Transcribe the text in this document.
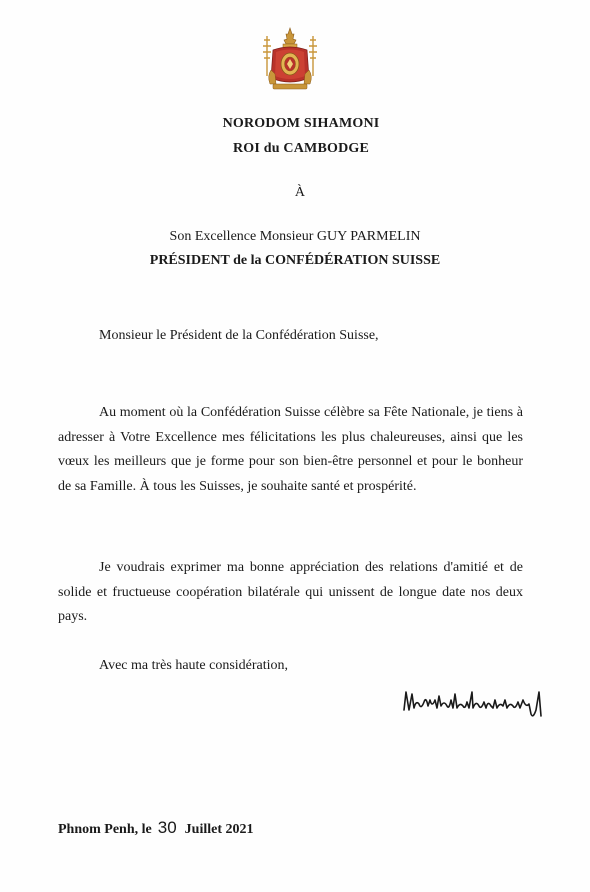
NORODOM SIHAMONI
ROI du CAMBODGE
À
Son Excellence Monsieur GUY PARMELIN
PRÉSIDENT de la CONFÉDÉRATION SUISSE
Monsieur le Président de la Confédération Suisse,
Au moment où la Confédération Suisse célèbre sa Fête Nationale, je tiens à adresser à Votre Excellence mes félicitations les plus chaleureuses, ainsi que les vœux les meilleurs que je forme pour son bien-être personnel et pour le bonheur de sa Famille. À tous les Suisses, je souhaite santé et prospérité.
Je voudrais exprimer ma bonne appréciation des relations d'amitié et de solide et fructueuse coopération bilatérale qui unissent de longue date nos deux pays.
Avec ma très haute considération,
Phnom Penh, le 30 Juillet 2021
